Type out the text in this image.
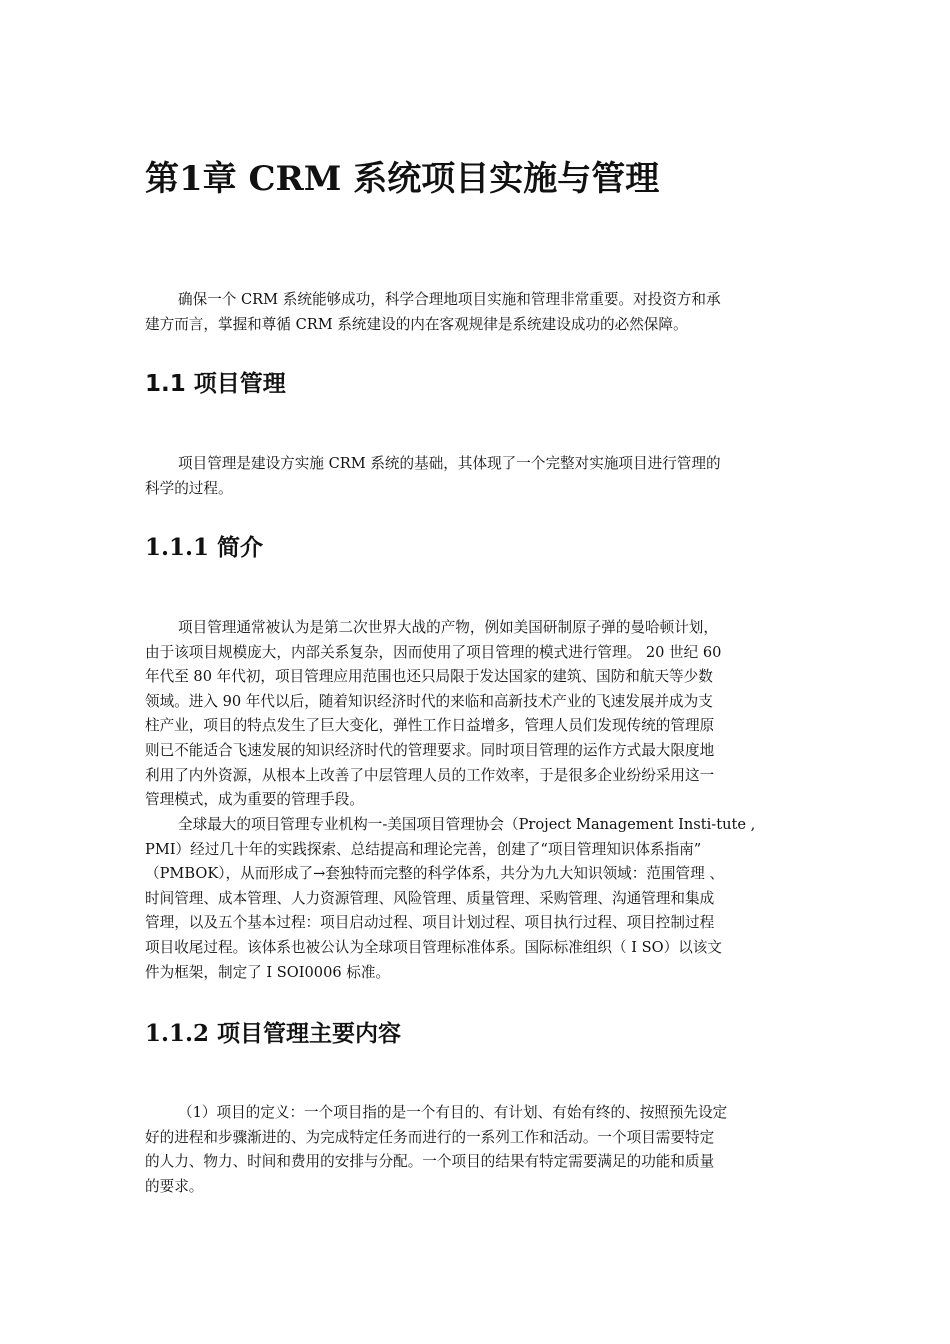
第1章 CRM 系统项目实施与管理
确保一个 CRM 系统能够成功，科学合理地项目实施和管理非常重要。对投资方和承
建方而言，掌握和尊循 CRM 系统建设的内在客观规律是系统建设成功的必然保障。
1.1 项目管理
项目管理是建设方实施 CRM 系统的基础，其体现了一个完整对实施项目进行管理的
科学的过程。
1.1.1 简介
项目管理通常被认为是第二次世界大战的产物，例如美国研制原子弹的曼哈顿计划，
由于该项目规模庞大，内部关系复杂，因而使用了项目管理的模式进行管理。 20 世纪 60
年代至 80 年代初，项目管理应用范围也还只局限于发达国家的建筑、国防和航天等少数
领域。进入 90 年代以后，随着知识经济时代的来临和高新技术产业的飞速发展并成为支
柱产业，项目的特点发生了巨大变化，弹性工作日益增多，管理人员们发现传统的管理原
则已不能适合飞速发展的知识经济时代的管理要求。同时项目管理的运作方式最大限度地
利用了内外资源，从根本上改善了中层管理人员的工作效率，于是很多企业纷纷采用这一
管理模式，成为重要的管理手段。
全球最大的项目管理专业机构一-美国项目管理协会（Project Management Insti-tute ,
PMI）经过几十年的实践探索、总结提高和理论完善，创建了“项目管理知识体系指南”
（PMBOK），从而形成了→套独特而完整的科学体系，共分为九大知识领域：范围管理 、
时间管理、成本管理、人力资源管理、风险管理、质量管理、采购管理、沟通管理和集成
管理，以及五个基本过程：项目启动过程、项目计划过程、项目执行过程、项目控制过程
项目收尾过程。该体系也被公认为全球项目管理标准体系。国际标准组织（ I SO）以该文
件为框架，制定了 I SOI0006 标准。
1.1.2 项目管理主要内容
（1）项目的定义：一个项目指的是一个有目的、有计划、有始有终的、按照预先设定
好的进程和步骤渐进的、为完成特定任务而进行的一系列工作和活动。一个项目需要特定
的人力、物力、时间和费用的安排与分配。一个项目的结果有特定需要满足的功能和质量
的要求。
